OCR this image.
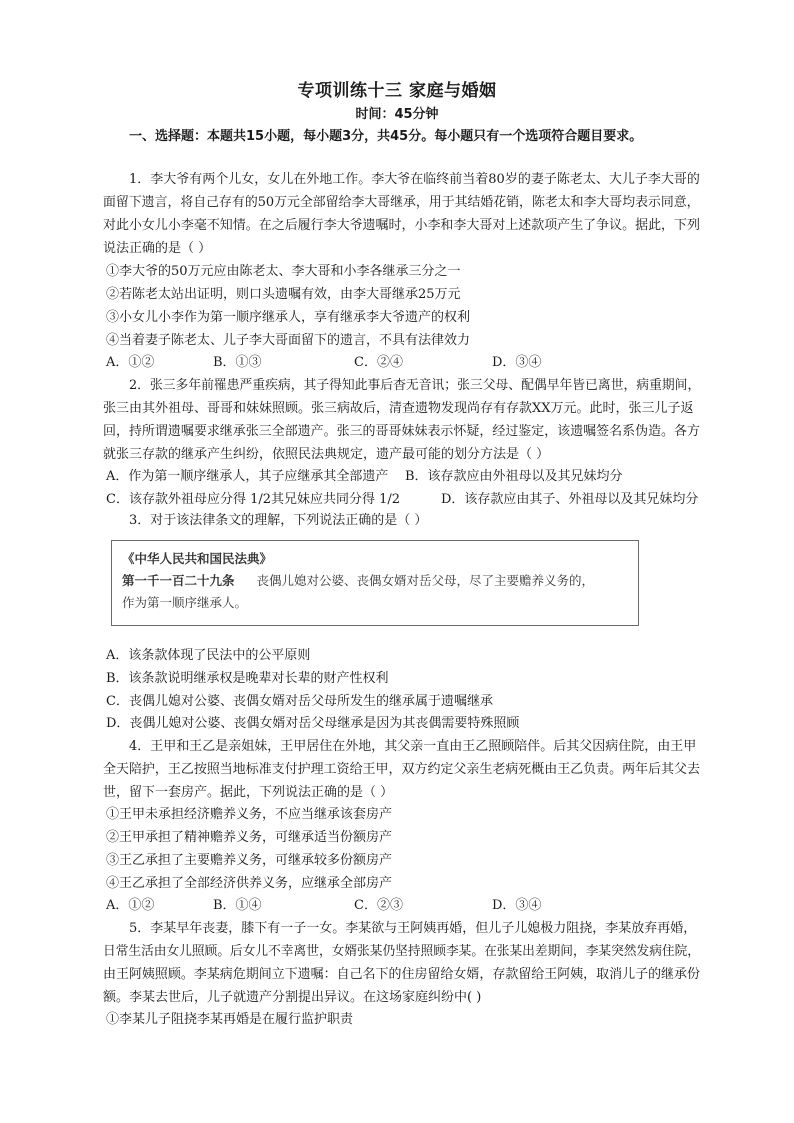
专项训练十三 家庭与婚姻
时间：45分钟
一、选择题：本题共15小题，每小题3分，共45分。每小题只有一个选项符合题目要求。
1．李大爷有两个儿女，女儿在外地工作。李大爷在临终前当着80岁的妻子陈老太、大儿子李大哥的
面留下遗言，将自己存有的50万元全部留给李大哥继承，用于其结婚花销，陈老太和李大哥均表示同意，
对此小女儿小李毫不知情。在之后履行李大爷遗嘱时，小李和李大哥对上述款项产生了争议。据此，下列
说法正确的是（ ）
①李大爷的50万元应由陈老太、李大哥和小李各继承三分之一
②若陈老太站出证明，则口头遗嘱有效，由李大哥继承25万元
③小女儿小李作为第一顺序继承人，享有继承李大爷遗产的权利
④当着妻子陈老太、儿子李大哥面留下的遗言，不具有法律效力
A．①②	B．①③	C．②④	D．③④
2．张三多年前罹患严重疾病，其子得知此事后杳无音讯；张三父母、配偶早年皆已离世，病重期间，
张三由其外祖母、哥哥和妹妹照顾。张三病故后，清查遗物发现尚存有存款XX万元。此时，张三儿子返
回，持所谓遗嘱要求继承张三全部遗产。张三的哥哥妹妹表示怀疑，经过鉴定，该遗嘱签名系伪造。各方
就张三存款的继承产生纠纷，依照民法典规定，遗产最可能的划分方法是（ ）
A．作为第一顺序继承人，其子应继承其全部遗产 B．该存款应由外祖母以及其兄妹均分
C．该存款外祖母应分得 1/2其兄妹应共同分得 1/2	D．该存款应由其子、外祖母以及其兄妹均分
3．对于该法律条文的理解，下列说法正确的是（ ）
《中华人民共和国民法典》
第一千一百二十九条 丧偶儿媳对公婆、丧偶女婿对岳父母，尽了主要赡养义务的，
作为第一顺序继承人。
A．该条款体现了民法中的公平原则
B．该条款说明继承权是晚辈对长辈的财产性权利
C．丧偶儿媳对公婆、丧偶女婿对岳父母所发生的继承属于遗嘱继承
D．丧偶儿媳对公婆、丧偶女婿对岳父母继承是因为其丧偶需要特殊照顾
4．王甲和王乙是亲姐妹，王甲居住在外地，其父亲一直由王乙照顾陪伴。后其父因病住院，由王甲
全天陪护，王乙按照当地标准支付护理工资给王甲，双方约定父亲生老病死概由王乙负责。两年后其父去
世，留下一套房产。据此，下列说法正确的是（ ）
①王甲未承担经济赡养义务，不应当继承该套房产
②王甲承担了精神赡养义务，可继承适当份额房产
③王乙承担了主要赡养义务，可继承较多份额房产
④王乙承担了全部经济供养义务，应继承全部房产
A．①②	B．①④	C．②③	D．③④
5．李某早年丧妻，膝下有一子一女。李某欲与王阿姨再婚，但儿子儿媳极力阻挠，李某放弃再婚，
日常生活由女儿照顾。后女儿不幸离世，女婿张某仍坚持照顾李某。在张某出差期间，李某突然发病住院，
由王阿姨照顾。李某病危期间立下遗嘱：自己名下的住房留给女婿，存款留给王阿姨，取消儿子的继承份
额。李某去世后，儿子就遗产分割提出异议。在这场家庭纠纷中( )
①李某儿子阻挠李某再婚是在履行监护职责
